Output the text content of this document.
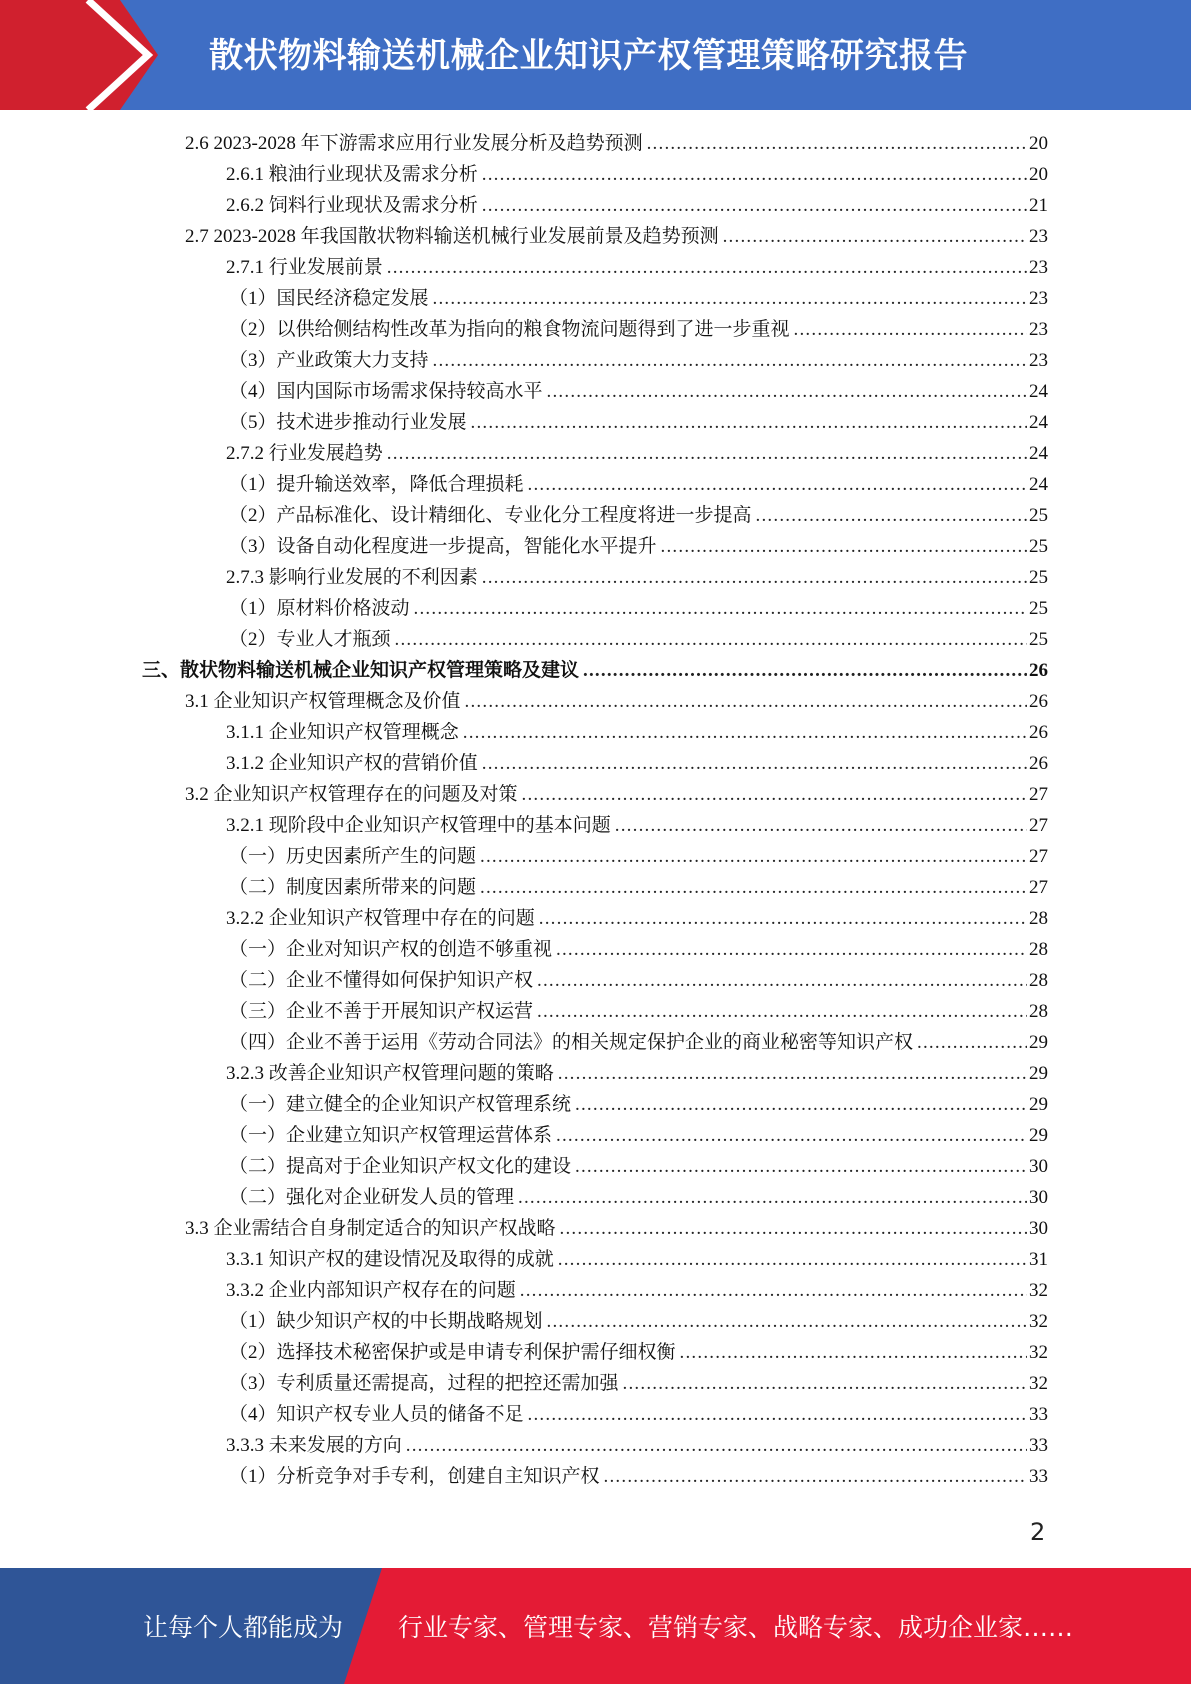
散状物料输送机械企业知识产权管理策略研究报告
2.6 2023-2028 年下游需求应用行业发展分析及趋势预测 .....	20
2.6.1 粮油行业现状及需求分析 .....	20
2.6.2 饲料行业现状及需求分析 .....	21
2.7 2023-2028 年我国散状物料输送机械行业发展前景及趋势预测 .....	23
2.7.1 行业发展前景 .....	23
（1）国民经济稳定发展 .....	23
（2）以供给侧结构性改革为指向的粮食物流问题得到了进一步重视 .....	23
（3）产业政策大力支持 .....	23
（4）国内国际市场需求保持较高水平 .....	24
（5）技术进步推动行业发展 .....	24
2.7.2 行业发展趋势 .....	24
（1）提升输送效率，降低合理损耗 .....	24
（2）产品标准化、设计精细化、专业化分工程度将进一步提高 .....	25
（3）设备自动化程度进一步提高，智能化水平提升 .....	25
2.7.3 影响行业发展的不利因素 .....	25
（1）原材料价格波动 .....	25
（2）专业人才瓶颈 .....	25
三、散状物料输送机械企业知识产权管理策略及建议 .....	26
3.1 企业知识产权管理概念及价值 .....	26
3.1.1 企业知识产权管理概念 .....	26
3.1.2 企业知识产权的营销价值 .....	26
3.2 企业知识产权管理存在的问题及对策 .....	27
3.2.1 现阶段中企业知识产权管理中的基本问题 .....	27
（一）历史因素所产生的问题 .....	27
（二）制度因素所带来的问题 .....	27
3.2.2 企业知识产权管理中存在的问题 .....	28
（一）企业对知识产权的创造不够重视 .....	28
（二）企业不懂得如何保护知识产权 .....	28
（三）企业不善于开展知识产权运营 .....	28
（四）企业不善于运用《劳动合同法》的相关规定保护企业的商业秘密等知识产权 .....	29
3.2.3 改善企业知识产权管理问题的策略 .....	29
（一）建立健全的企业知识产权管理系统 .....	29
（一）企业建立知识产权管理运营体系 .....	29
（二）提高对于企业知识产权文化的建设 .....	30
（二）强化对企业研发人员的管理 .....	30
3.3 企业需结合自身制定适合的知识产权战略 .....	30
3.3.1 知识产权的建设情况及取得的成就 .....	31
3.3.2 企业内部知识产权存在的问题 .....	32
（1）缺少知识产权的中长期战略规划 .....	32
（2）选择技术秘密保护或是申请专利保护需仔细权衡 .....	32
（3）专利质量还需提高，过程的把控还需加强 .....	32
（4）知识产权专业人员的储备不足 .....	33
3.3.3 未来发展的方向 .....	33
（1）分析竞争对手专利，创建自主知识产权 .....	33
2
让每个人都能成为 行业专家、管理专家、营销专家、战略专家、成功企业家……
